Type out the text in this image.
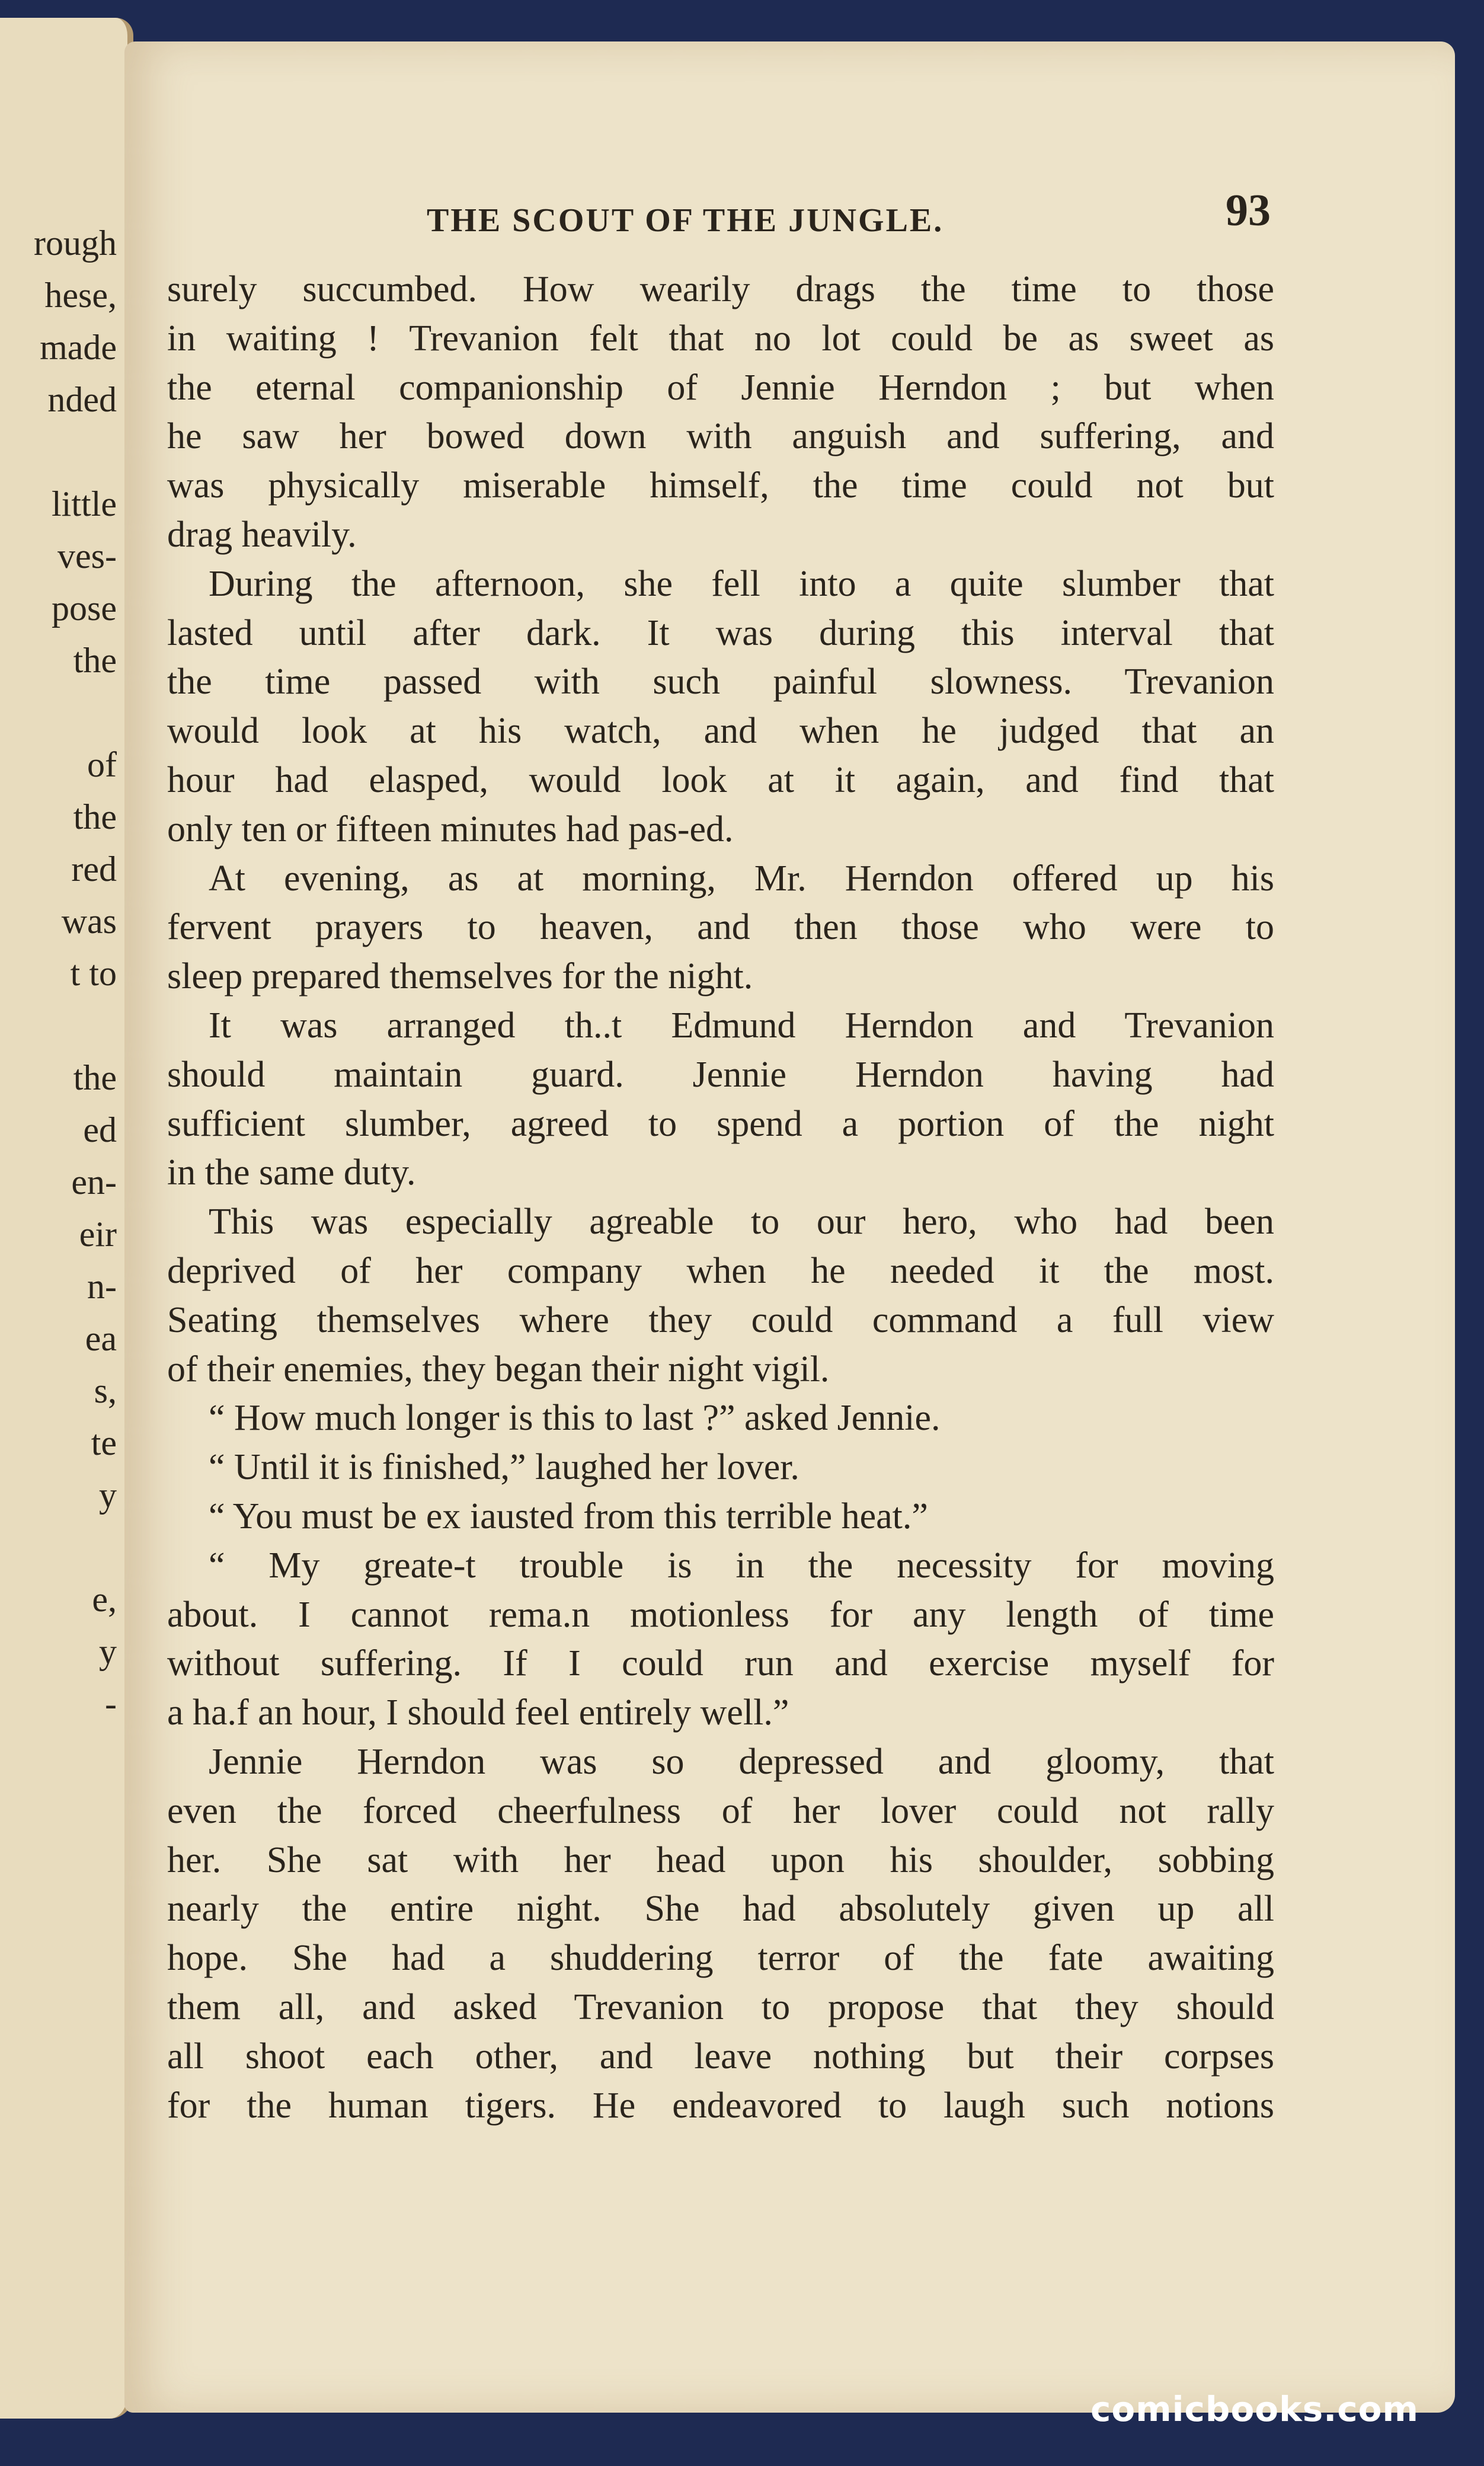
rough
hese,
made
nded
little
ves-
pose
the
of
the
red
was
t to
the
ed
en-
eir
n-
ea
s,
te
y
e,
y
-
THE SCOUT OF THE JUNGLE.	93
surely succumbed. How wearily drags the time to those
in waiting ! Trevanion felt that no lot could be as sweet as
the eternal companionship of Jennie Herndon ; but when
he saw her bowed down with anguish and suffering, and
was physically miserable himself, the time could not but
drag heavily.
During the afternoon, she fell into a quite slumber that
lasted until after dark. It was during this interval that
the time passed with such painful slowness. Trevanion
would look at his watch, and when he judged that an
hour had elasped, would look at it again, and find that
only ten or fifteen minutes had pas-ed.
At evening, as at morning, Mr. Herndon offered up his
fervent prayers to heaven, and then those who were to
sleep prepared themselves for the night.
It was arranged th..t Edmund Herndon and Trevanion
should maintain guard. Jennie Herndon having had
sufficient slumber, agreed to spend a portion of the night
in the same duty.
This was especially agreable to our hero, who had been
deprived of her company when he needed it the most.
Seating themselves where they could command a full view
of their enemies, they began their night vigil.
“ How much longer is this to last ?” asked Jennie.
“ Until it is finished,” laughed her lover.
“ You must be ex iausted from this terrible heat.”
“ My greate-t trouble is in the necessity for moving
about. I cannot rema.n motionless for any length of time
without suffering. If I could run and exercise myself for
a ha.f an hour, I should feel entirely well.”
Jennie Herndon was so depressed and gloomy, that
even the forced cheerfulness of her lover could not rally
her. She sat with her head upon his shoulder, sobbing
nearly the entire night. She had absolutely given up all
hope. She had a shuddering terror of the fate awaiting
them all, and asked Trevanion to propose that they should
all shoot each other, and leave nothing but their corpses
for the human tigers. He endeavored to laugh such notions
comicbooks.com
